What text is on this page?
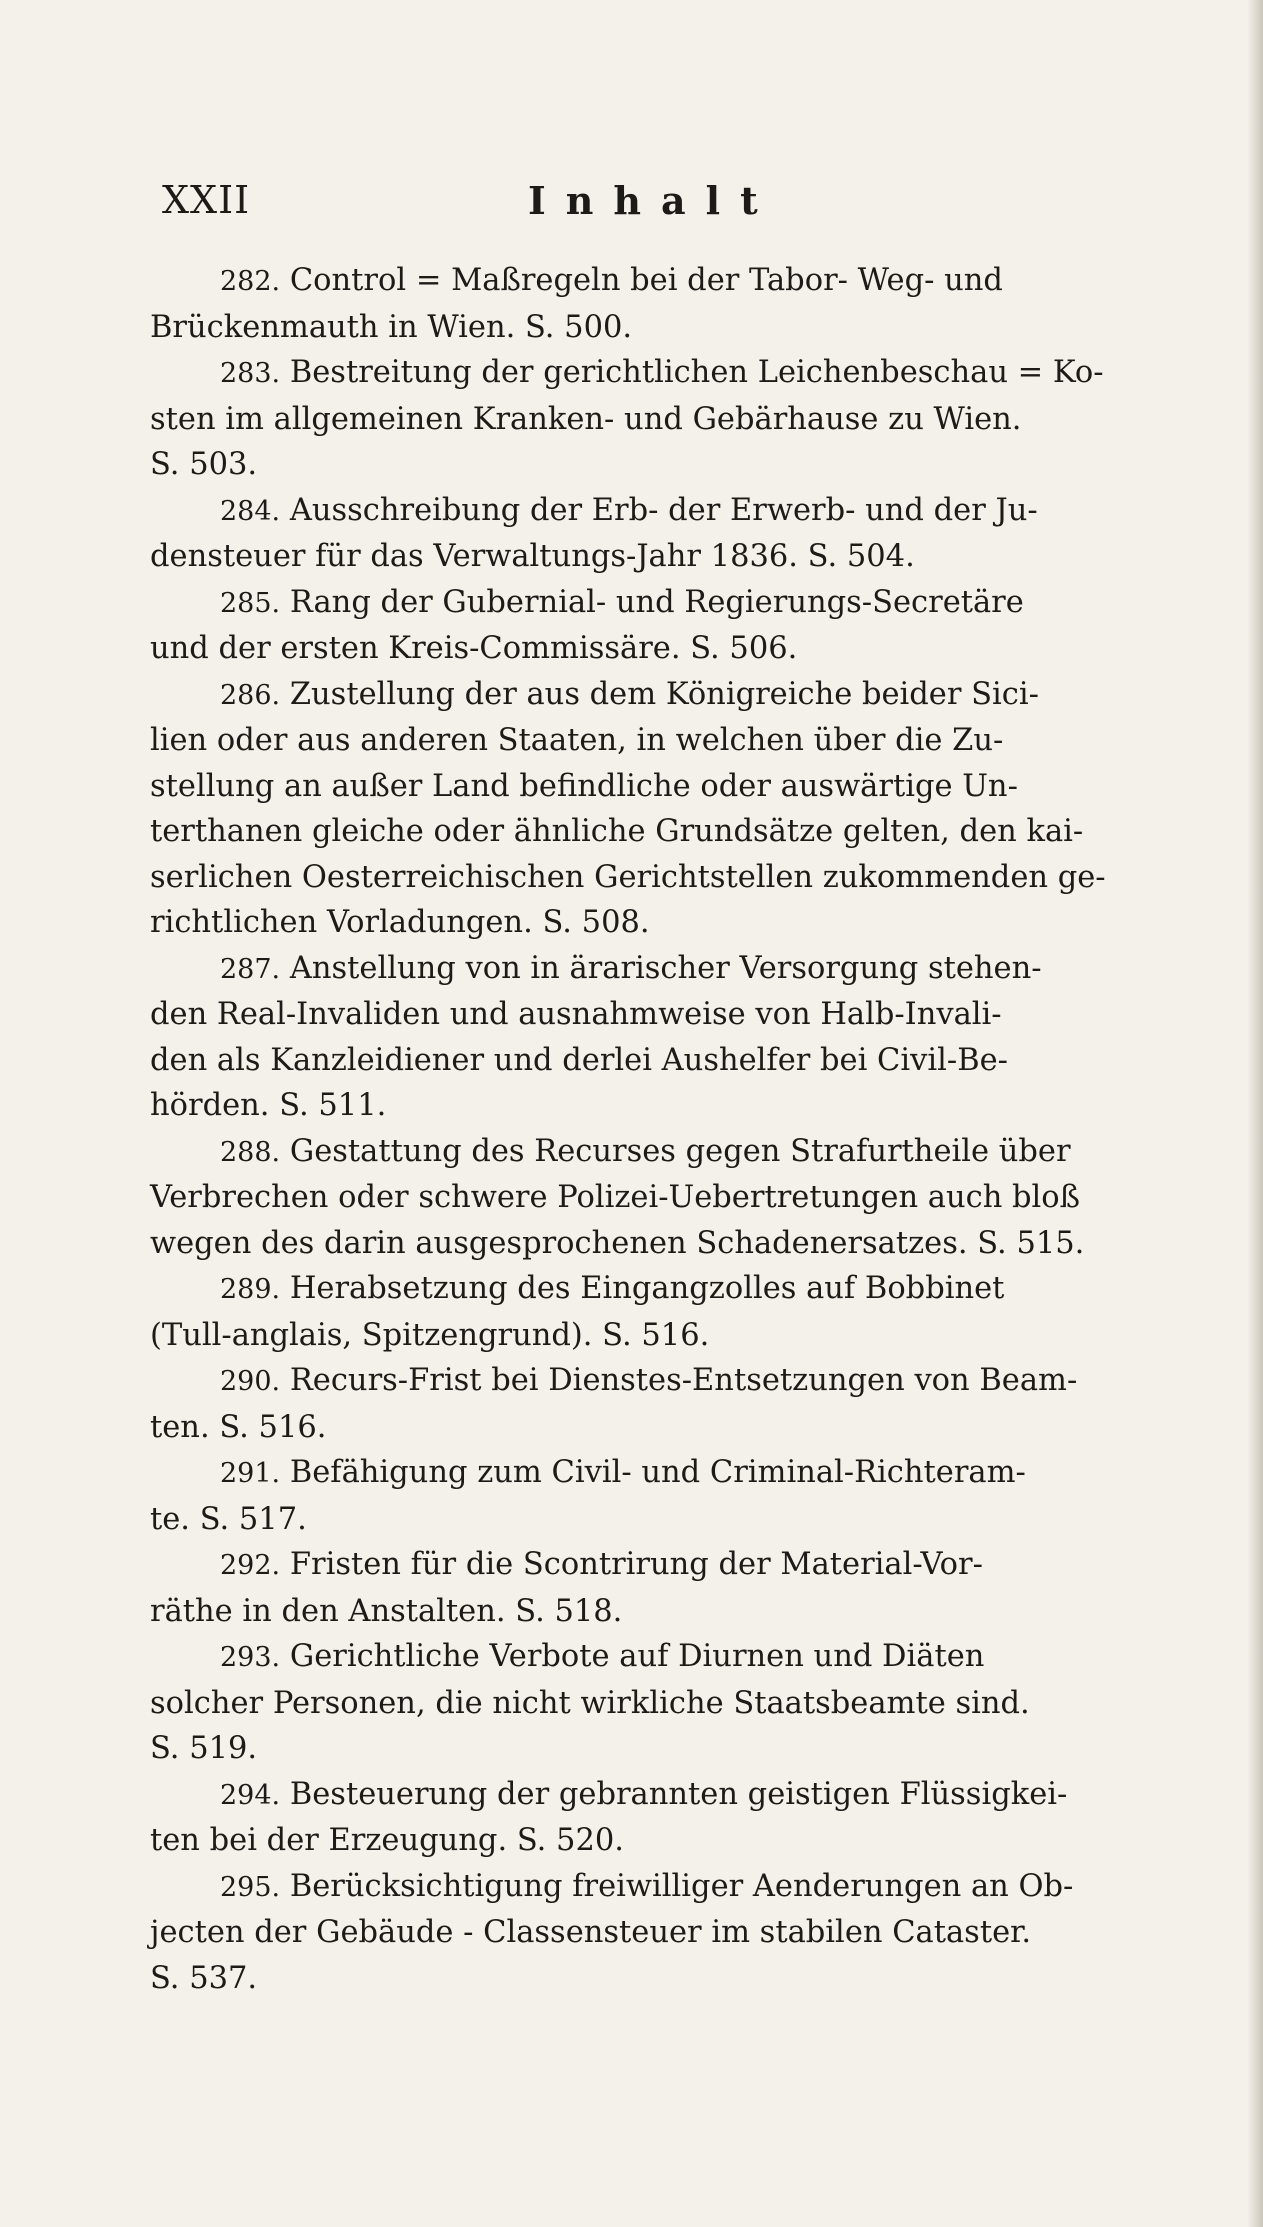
XXII	Inhalt
282. Control = Maßregeln bei der Tabor- Weg- und
Brückenmauth in Wien. S. 500.
283. Bestreitung der gerichtlichen Leichenbeschau = Ko-
sten im allgemeinen Kranken- und Gebärhause zu Wien.
S. 503.
284. Ausschreibung der Erb- der Erwerb- und der Ju-
densteuer für das Verwaltungs-Jahr 1836. S. 504.
285. Rang der Gubernial- und Regierungs-Secretäre
und der ersten Kreis-Commissäre. S. 506.
286. Zustellung der aus dem Königreiche beider Sici-
lien oder aus anderen Staaten, in welchen über die Zu-
stellung an außer Land befindliche oder auswärtige Un-
terthanen gleiche oder ähnliche Grundsätze gelten, den kai-
serlichen Oesterreichischen Gerichtstellen zukommenden ge-
richtlichen Vorladungen. S. 508.
287. Anstellung von in ärarischer Versorgung stehen-
den Real-Invaliden und ausnahmweise von Halb-Invali-
den als Kanzleidiener und derlei Aushelfer bei Civil-Be-
hörden. S. 511.
288. Gestattung des Recurses gegen Strafurtheile über
Verbrechen oder schwere Polizei-Uebertretungen auch bloß
wegen des darin ausgesprochenen Schadenersatzes. S. 515.
289. Herabsetzung des Eingangzolles auf Bobbinet
(Tull-anglais, Spitzengrund). S. 516.
290. Recurs-Frist bei Dienstes-Entsetzungen von Beam-
ten. S. 516.
291. Befähigung zum Civil- und Criminal-Richteram-
te. S. 517.
292. Fristen für die Scontrirung der Material-Vor-
räthe in den Anstalten. S. 518.
293. Gerichtliche Verbote auf Diurnen und Diäten
solcher Personen, die nicht wirkliche Staatsbeamte sind.
S. 519.
294. Besteuerung der gebrannten geistigen Flüssigkei-
ten bei der Erzeugung. S. 520.
295. Berücksichtigung freiwilliger Aenderungen an Ob-
jecten der Gebäude - Classensteuer im stabilen Cataster.
S. 537.
